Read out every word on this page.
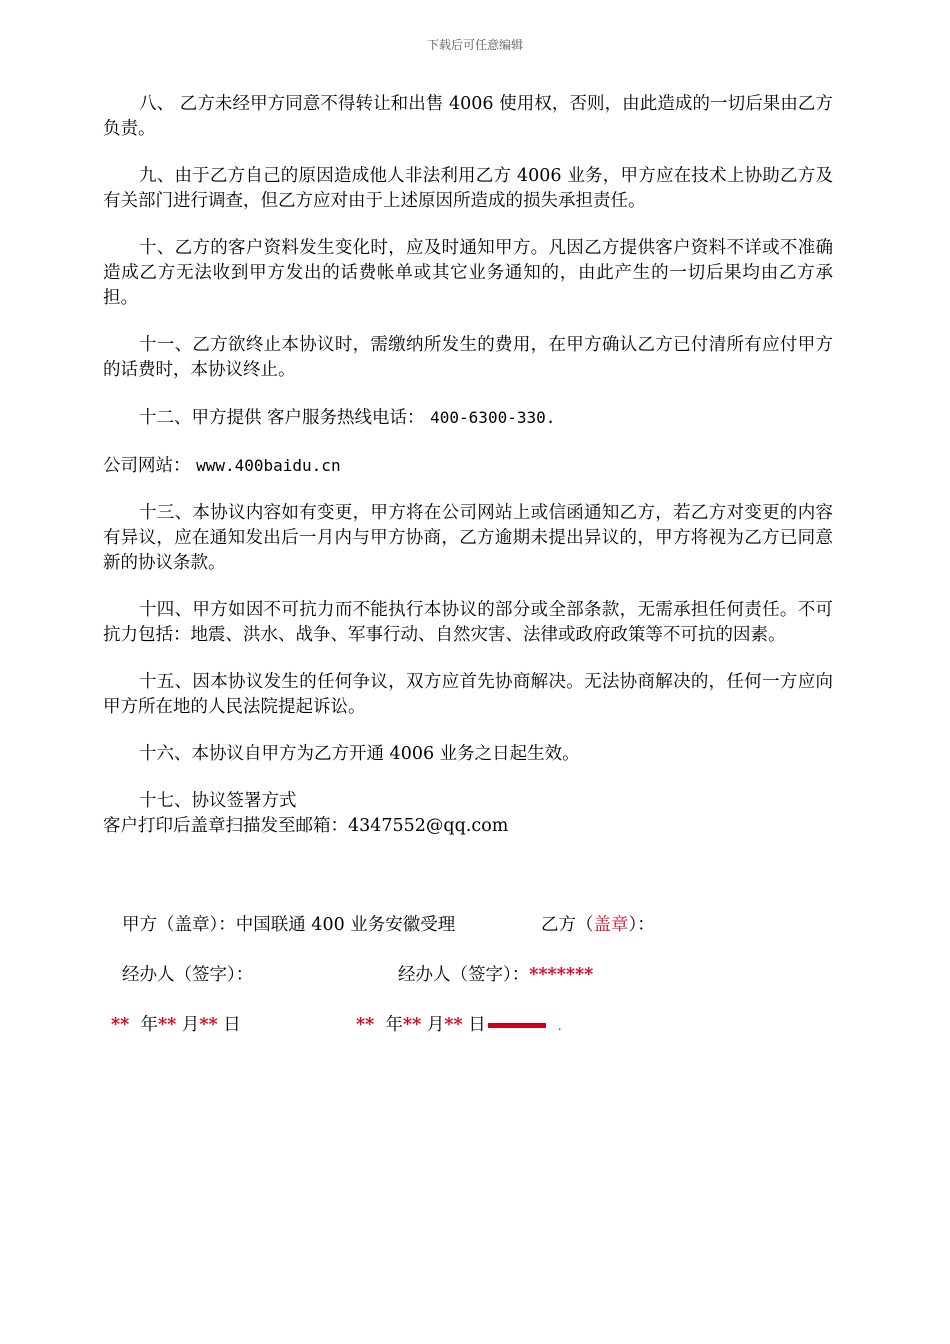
下载后可任意编辑

八、 乙方未经甲方同意不得转让和出售 4006 使用权，否则，由此造成的一切后果由乙方负责。

九、由于乙方自己的原因造成他人非法利用乙方 4006 业务，甲方应在技术上协助乙方及有关部门进行调查，但乙方应对由于上述原因所造成的损失承担责任。

十、乙方的客户资料发生变化时，应及时通知甲方。凡因乙方提供客户资料不详或不准确造成乙方无法收到甲方发出的话费帐单或其它业务通知的，由此产生的一切后果均由乙方承担。

十一、乙方欲终止本协议时，需缴纳所发生的费用，在甲方确认乙方已付清所有应付甲方的话费时，本协议终止。

十二、甲方提供 客户服务热线电话： 400-6300-330.

公司网站： www.400baidu.cn

十三、本协议内容如有变更，甲方将在公司网站上或信函通知乙方，若乙方对变更的内容有异议，应在通知发出后一月内与甲方协商，乙方逾期未提出异议的，甲方将视为乙方已同意新的协议条款。

十四、甲方如因不可抗力而不能执行本协议的部分或全部条款，无需承担任何责任。不可抗力包括：地震、洪水、战争、军事行动、自然灾害、法律或政府政策等不可抗的因素。

十五、因本协议发生的任何争议，双方应首先协商解决。无法协商解决的，任何一方应向甲方所在地的人民法院提起诉讼。

十六、本协议自甲方为乙方开通 4006 业务之日起生效。

十七、协议签署方式

客户打印后盖章扫描发至邮箱：4347552@qq.com

甲方（盖章）：中国联通 400 业务安徽受理	乙方（盖章）：
经办人（签字）：	经办人（签字）：*******
** 年** 月** 日	** 年** 月** 日	.
